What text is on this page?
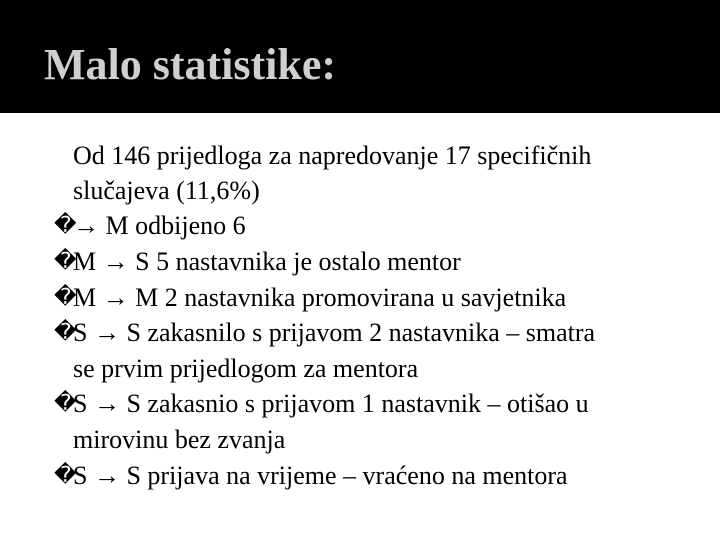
Malo statistike:
Od 146 prijedloga za napredovanje 17 specifičnih
slučajeva (11,6%)
�
→ M odbijeno 6
�
M → S 5 nastavnika je ostalo mentor
�
M → M 2 nastavnika promovirana u savjetnika
�
S → S zakasnilo s prijavom 2 nastavnika – smatra
se prvim prijedlogom za mentora
�
S → S zakasnio s prijavom 1 nastavnik – otišao u
mirovinu bez zvanja
�
S → S prijava na vrijeme – vraćeno na mentora
